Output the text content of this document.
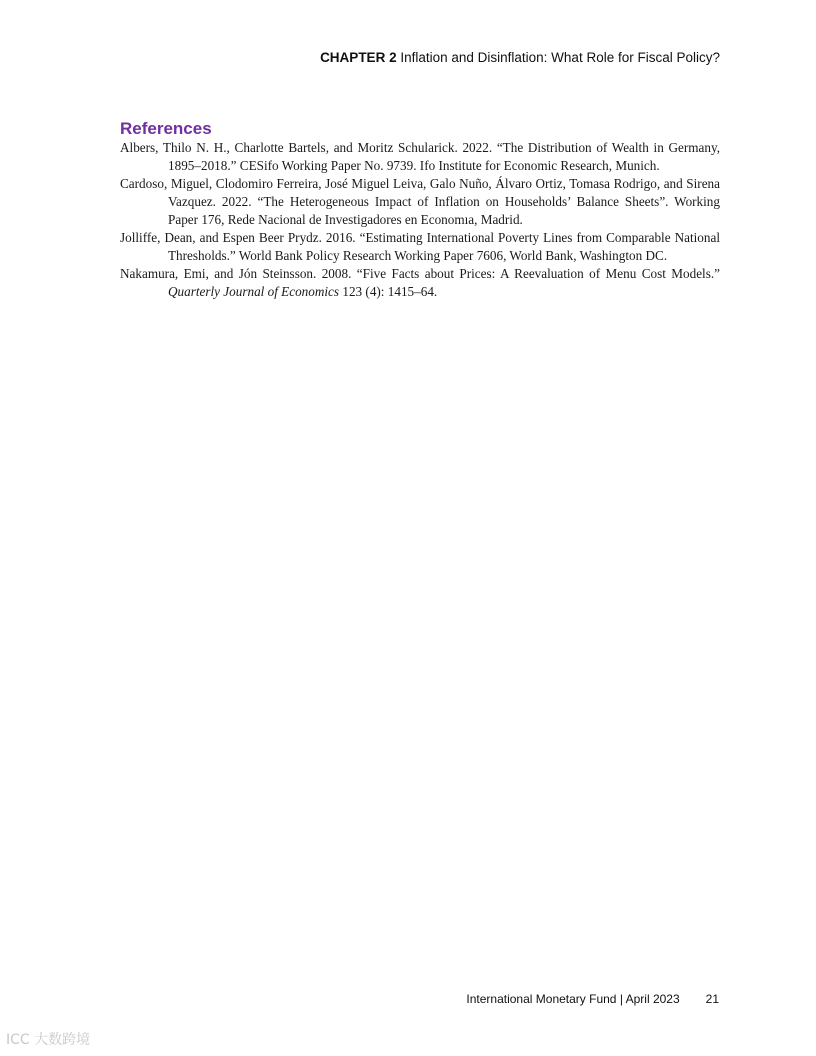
CHAPTER 2 Inflation and Disinflation: What Role for Fiscal Policy?
References
Albers, Thilo N. H., Charlotte Bartels, and Moritz Schularick. 2022. “The Distribution of Wealth in Germany, 1895–2018.” CESifo Working Paper No. 9739. Ifo Institute for Economic Research, Munich.
Cardoso, Miguel, Clodomiro Ferreira, José Miguel Leiva, Galo Nuño, Álvaro Ortiz, Tomasa Rodrigo, and Sirena Vazquez. 2022. “The Heterogeneous Impact of Inflation on Households’ Balance Sheets”. Working Paper 176, Rede Nacional de Investigadores en Economıa, Madrid.
Jolliffe, Dean, and Espen Beer Prydz. 2016. “Estimating International Poverty Lines from Comparable National Thresholds.” World Bank Policy Research Working Paper 7606, World Bank, Washington DC.
Nakamura, Emi, and Jón Steinsson. 2008. “Five Facts about Prices: A Reevaluation of Menu Cost Models.” Quarterly Journal of Economics 123 (4): 1415–64.
International Monetary Fund | April 2023 21
ICC 大数跨境
